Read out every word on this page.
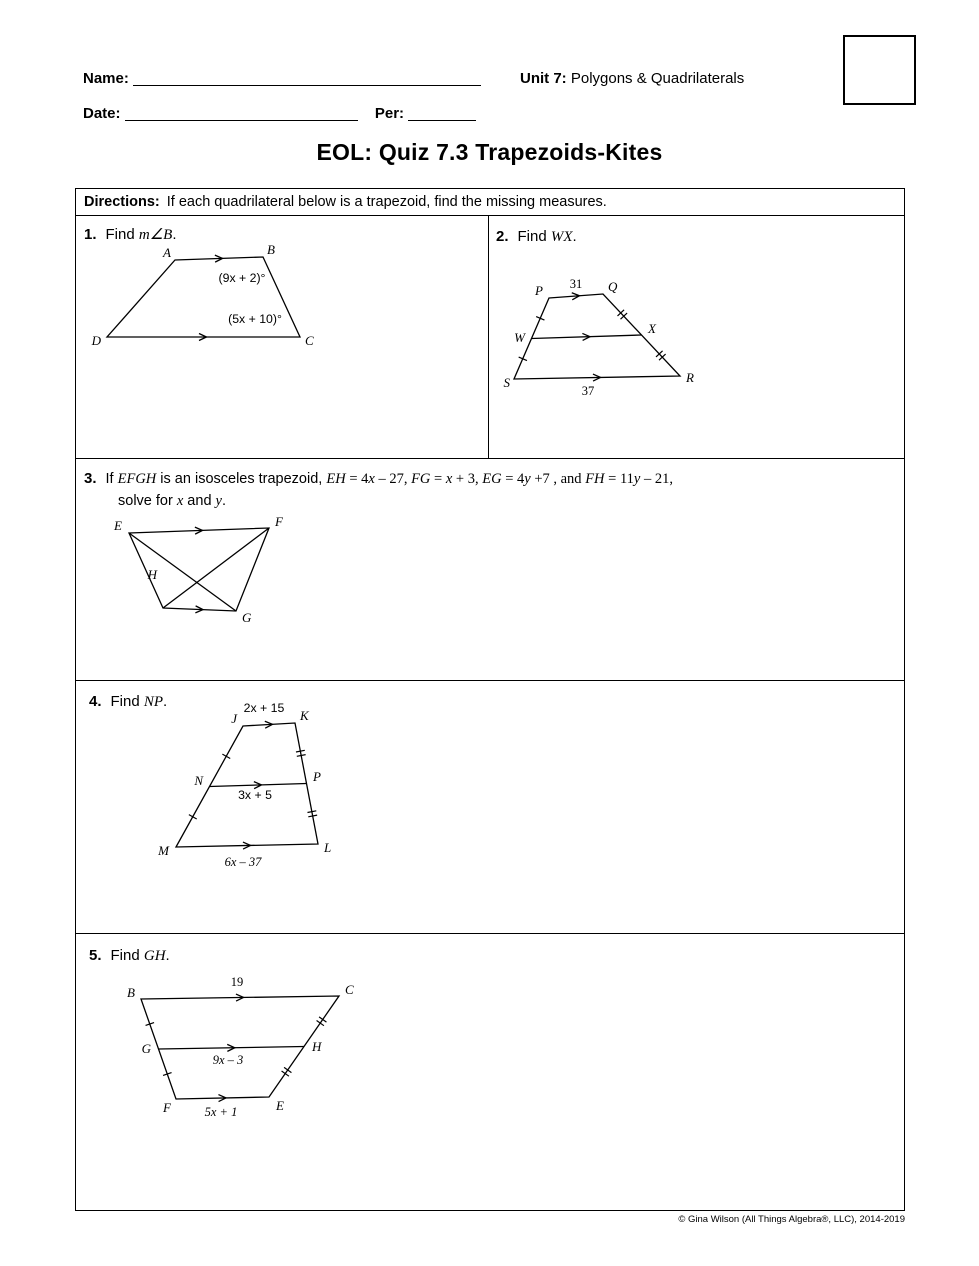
Name:	Unit 7: Polygons & Quadrilaterals
Date:	Per:
EOL: Quiz 7.3 Trapezoids-Kites
Directions: If each quadrilateral below is a trapezoid, find the missing measures.
1. Find m∠B.
A	B
D	C
(9x + 2)°
(5x + 10)°
2. Find WX.
P	Q
31
W
X
S	R
37
3. If EFGH is an isosceles trapezoid, EH = 4x – 27, FG = x + 3, EG = 4y +7 , and FH = 11y – 21,
solve for x and y.
E	F
H
G
4. Find NP.
J	K
2x + 15
N	P
3x + 5
M	L
6x – 37
5. Find GH.
B	C
19
G	H
9x – 3
F	E
5x + 1
© Gina Wilson (All Things Algebra®, LLC), 2014-2019
